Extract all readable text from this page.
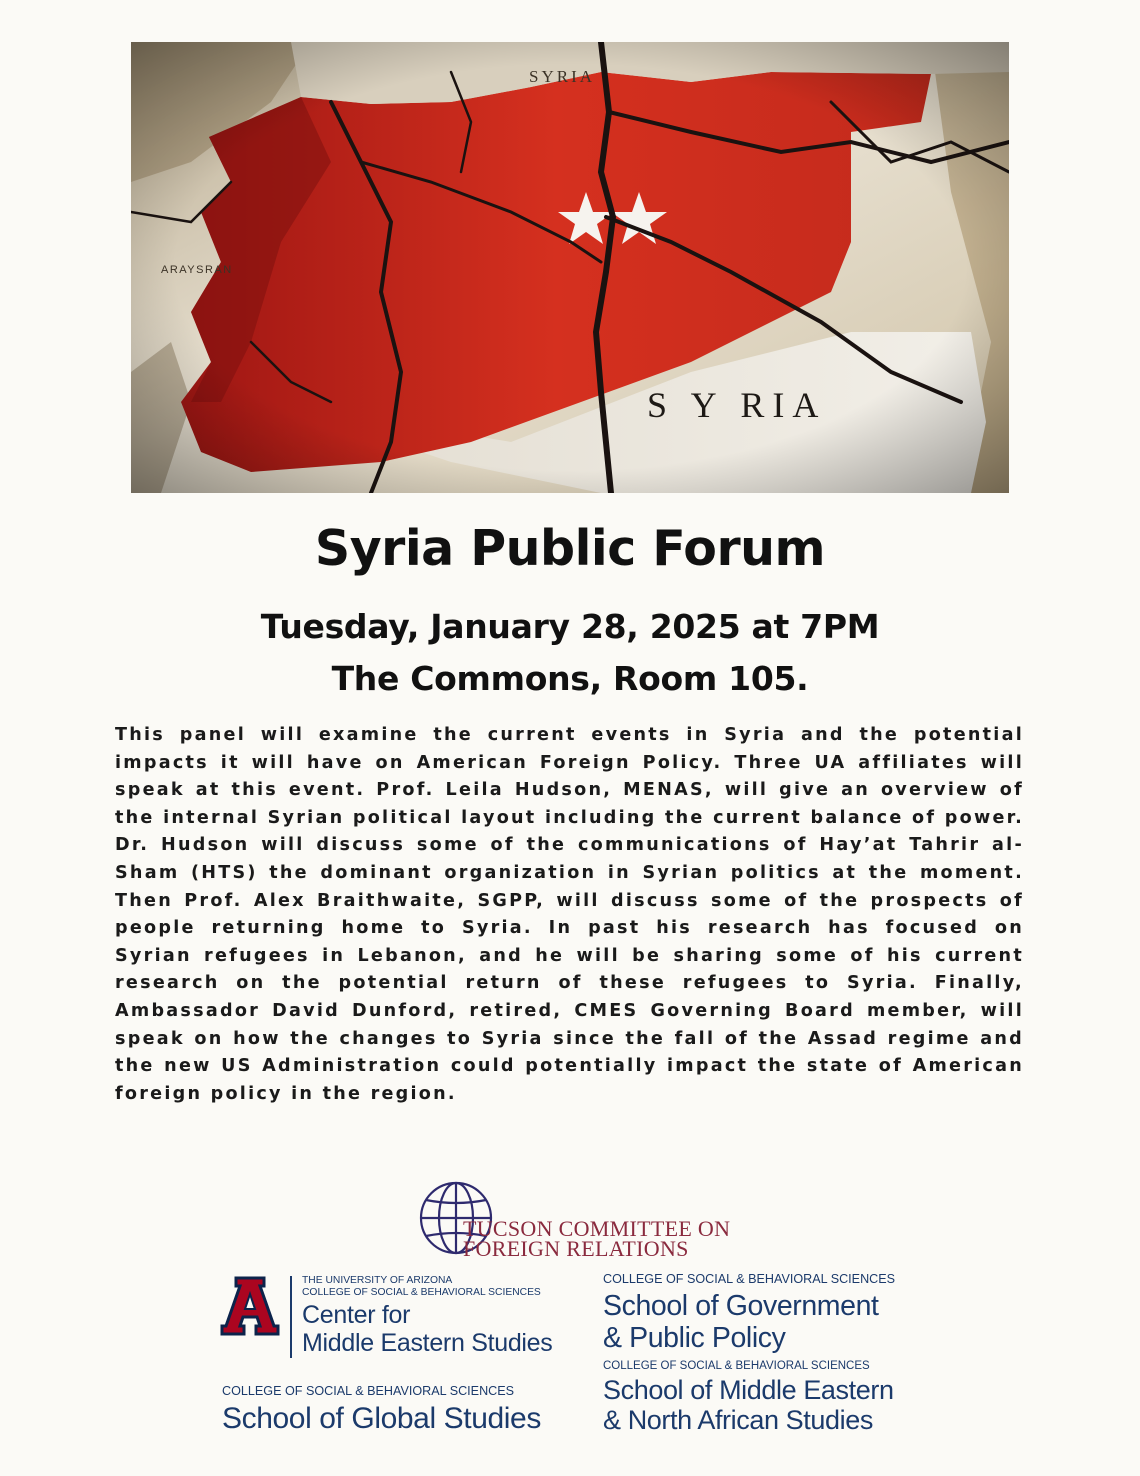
SYRIA
ARAYSRAN
S Y RIA
Syria Public Forum
Tuesday, January 28, 2025 at 7PM
The Commons, Room 105.
This panel will examine the current events in Syria and the potential impacts it will have on American Foreign Policy. Three UA affiliates will speak at this event. Prof. Leila Hudson, MENAS, will give an overview of the internal Syrian political layout including the current balance of power. Dr. Hudson will discuss some of the communications of Hay’at Tahrir al-Sham (HTS) the dominant organization in Syrian politics at the moment. Then Prof. Alex Braithwaite, SGPP, will discuss some of the prospects of people returning home to Syria. In past his research has focused on Syrian refugees in Lebanon, and he will be sharing some of his current research on the potential return of these refugees to Syria. Finally, Ambassador David Dunford, retired, CMES Governing Board member, will speak on how the changes to Syria since the fall of the Assad regime and the new US Administration could potentially impact the state of American foreign policy in the region.
TUCSON COMMITTEE ON
FOREIGN RELATIONS
THE UNIVERSITY OF ARIZONA
COLLEGE OF SOCIAL & BEHAVIORAL SCIENCES
Center for
Middle Eastern Studies
COLLEGE OF SOCIAL & BEHAVIORAL SCIENCES
School of Government
& Public Policy
COLLEGE OF SOCIAL & BEHAVIORAL SCIENCES
School of Middle Eastern
& North African Studies
COLLEGE OF SOCIAL & BEHAVIORAL SCIENCES
School of Global Studies
